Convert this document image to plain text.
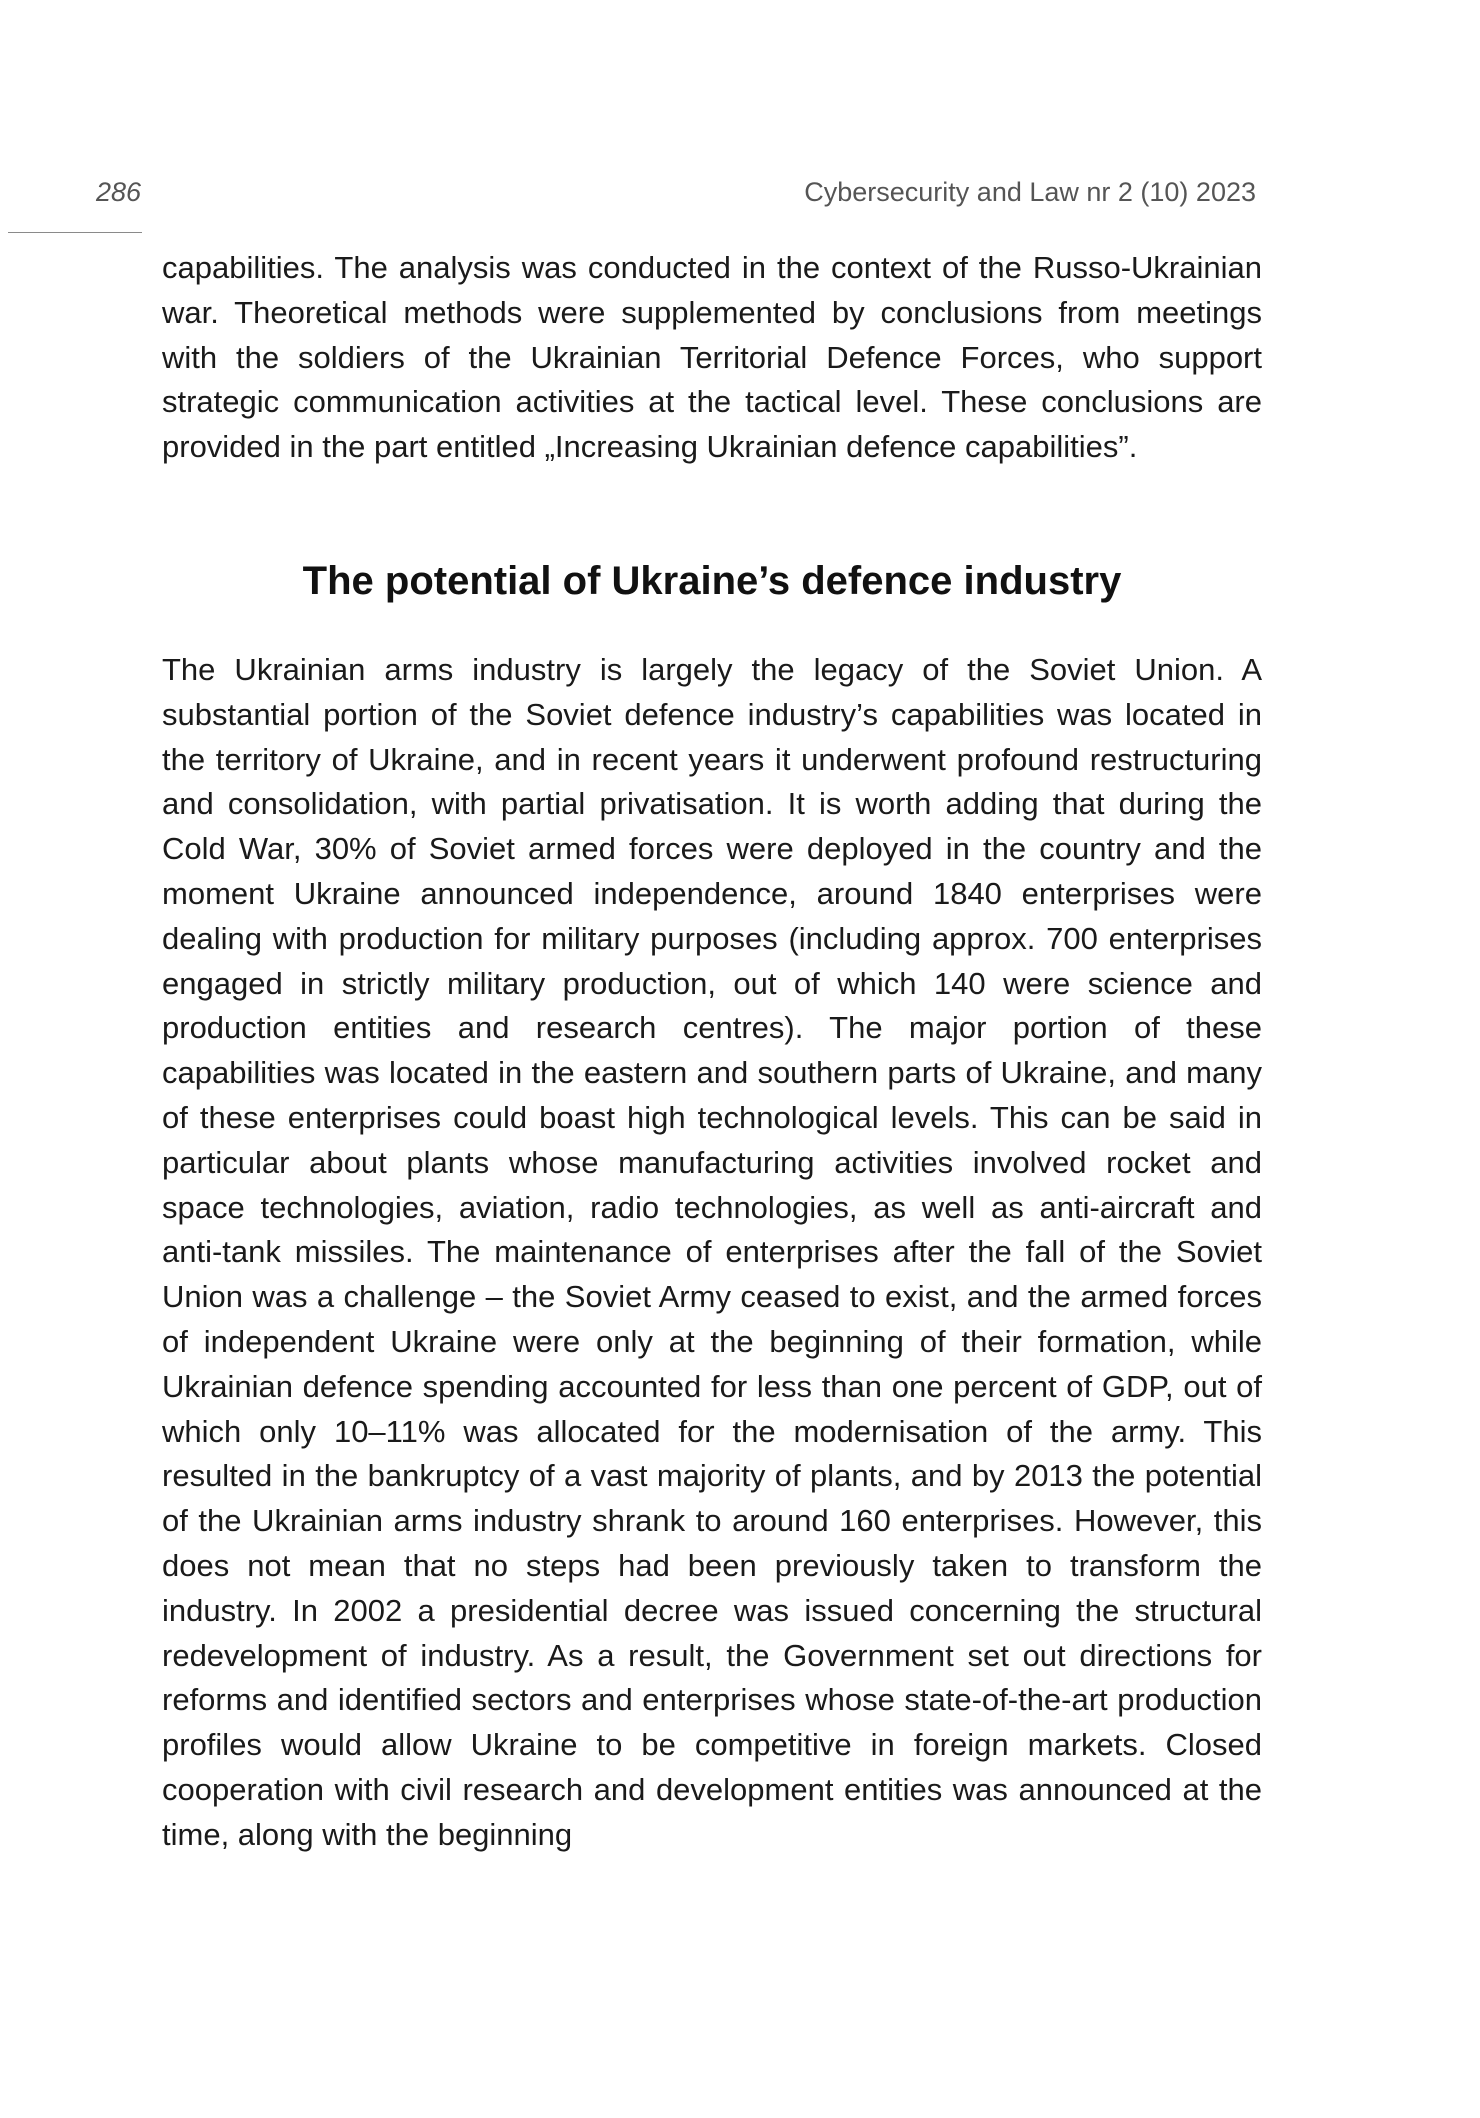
286	Cybersecurity and Law nr 2 (10) 2023

capabilities. The analysis was conducted in the context of the Russo-Ukrainian war. Theoretical methods were supplemented by conclusions from meetings with the soldiers of the Ukrainian Territorial Defence Forces, who support strategic communication activities at the tactical level. These conclusions are provided in the part entitled „Increasing Ukrainian defence capabilities”.

The potential of Ukraine’s defence industry

The Ukrainian arms industry is largely the legacy of the Soviet Union. A substantial portion of the Soviet defence industry’s capabilities was located in the territory of Ukraine, and in recent years it underwent profound restructuring and consolidation, with partial privatisation. It is worth adding that during the Cold War, 30% of Soviet armed forces were deployed in the country and the moment Ukraine announced independence, around 1840 enterprises were dealing with production for military purposes (including approx. 700 enterprises engaged in strictly military production, out of which 140 were science and production entities and research centres). The major portion of these capabilities was located in the eastern and southern parts of Ukraine, and many of these enterprises could boast high technological levels. This can be said in particular about plants whose manufacturing activities involved rocket and space technologies, aviation, radio technologies, as well as anti-aircraft and anti-tank missiles. The maintenance of enterprises after the fall of the Soviet Union was a challenge – the Soviet Army ceased to exist, and the armed forces of independent Ukraine were only at the beginning of their formation, while Ukrainian defence spending accounted for less than one percent of GDP, out of which only 10–11% was allocated for the modernisation of the army. This resulted in the bankruptcy of a vast majority of plants, and by 2013 the potential of the Ukrainian arms industry shrank to around 160 enterprises. However, this does not mean that no steps had been previously taken to transform the industry. In 2002 a presidential decree was issued concerning the structural redevelopment of industry. As a result, the Government set out directions for reforms and identified sectors and enterprises whose state-of-the-art production profiles would allow Ukraine to be competitive in foreign markets. Closed cooperation with civil research and development entities was announced at the time, along with the beginning
